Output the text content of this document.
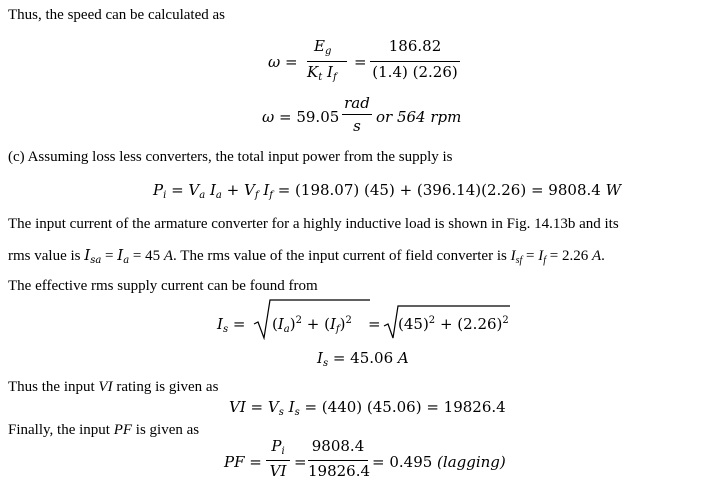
Thus, the speed can be calculated as
ω =
$E_g$
$K_t$ $I_f$
=
186.82
(1.4) (2.26)
ω = 59.05
rad
s	or 564 rpm
(c) Assuming loss less converters, the total input power from the supply is
$P_i = V_a$ $I_a + V_f$ $I_f = (198.07) (45) + (396.14)(2.26) = 9808.4$ W
The input current of the armature converter for a highly inductive load is shown in Fig. 14.13b and its
rms value is $I_{sa} = I_a = 45$ A. The rms value of the input current of field converter is $I_{sf} = I_f = 2.26$ A.
The effective rms supply current can be found from
$I_s = (I_a)^2 + (I_f)^2 = (45)^2 + (2.26)^2$
$I_s = 45.06$ A
Thus the input VI rating is given as
VI = $V_s$ $I_s = (440) (45.06) = 19826.4$
Finally, the input PF is given as
PF =
$P_i$
VI =
9808.4
19826.4 = 0.495 (lagging)
